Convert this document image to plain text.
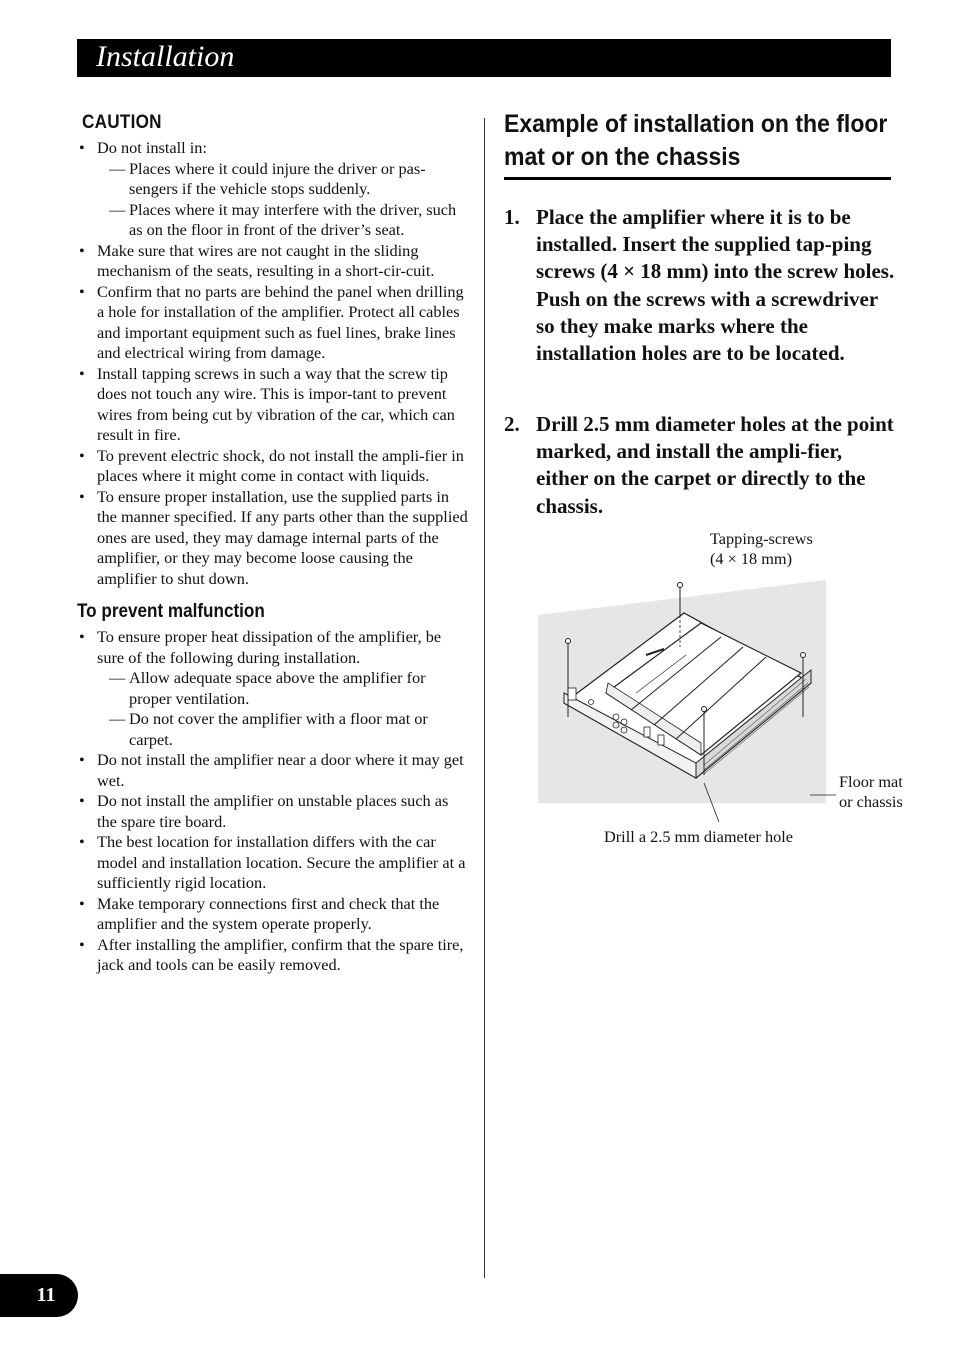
Installation
CAUTION
• Do not install in:
— Places where it could injure the driver or pas-sengers if the vehicle stops suddenly.
— Places where it may interfere with the driver, such as on the floor in front of the driver’s seat.
• Make sure that wires are not caught in the sliding mechanism of the seats, resulting in a short-cir-cuit.
• Confirm that no parts are behind the panel when drilling a hole for installation of the amplifier. Protect all cables and important equipment such as fuel lines, brake lines and electrical wiring from damage.
• Install tapping screws in such a way that the screw tip does not touch any wire. This is impor-tant to prevent wires from being cut by vibration of the car, which can result in fire.
• To prevent electric shock, do not install the ampli-fier in places where it might come in contact with liquids.
• To ensure proper installation, use the supplied parts in the manner specified. If any parts other than the supplied ones are used, they may damage internal parts of the amplifier, or they may become loose causing the amplifier to shut down.
To prevent malfunction
• To ensure proper heat dissipation of the amplifier, be sure of the following during installation.
— Allow adequate space above the amplifier for proper ventilation.
— Do not cover the amplifier with a floor mat or carpet.
• Do not install the amplifier near a door where it may get wet.
• Do not install the amplifier on unstable places such as the spare tire board.
• The best location for installation differs with the car model and installation location. Secure the amplifier at a sufficiently rigid location.
• Make temporary connections first and check that the amplifier and the system operate properly.
• After installing the amplifier, confirm that the spare tire, jack and tools can be easily removed.
Example of installation on the floor mat or on the chassis
1. Place the amplifier where it is to be installed. Insert the supplied tap-ping screws (4 × 18 mm) into the screw holes. Push on the screws with a screwdriver so they make marks where the installation holes are to be located.
2. Drill 2.5 mm diameter holes at the point marked, and install the ampli-fier, either on the carpet or directly to the chassis.
Tapping-screws
(4 × 18 mm)
Floor mat
or chassis
Drill a 2.5 mm diameter hole
11
